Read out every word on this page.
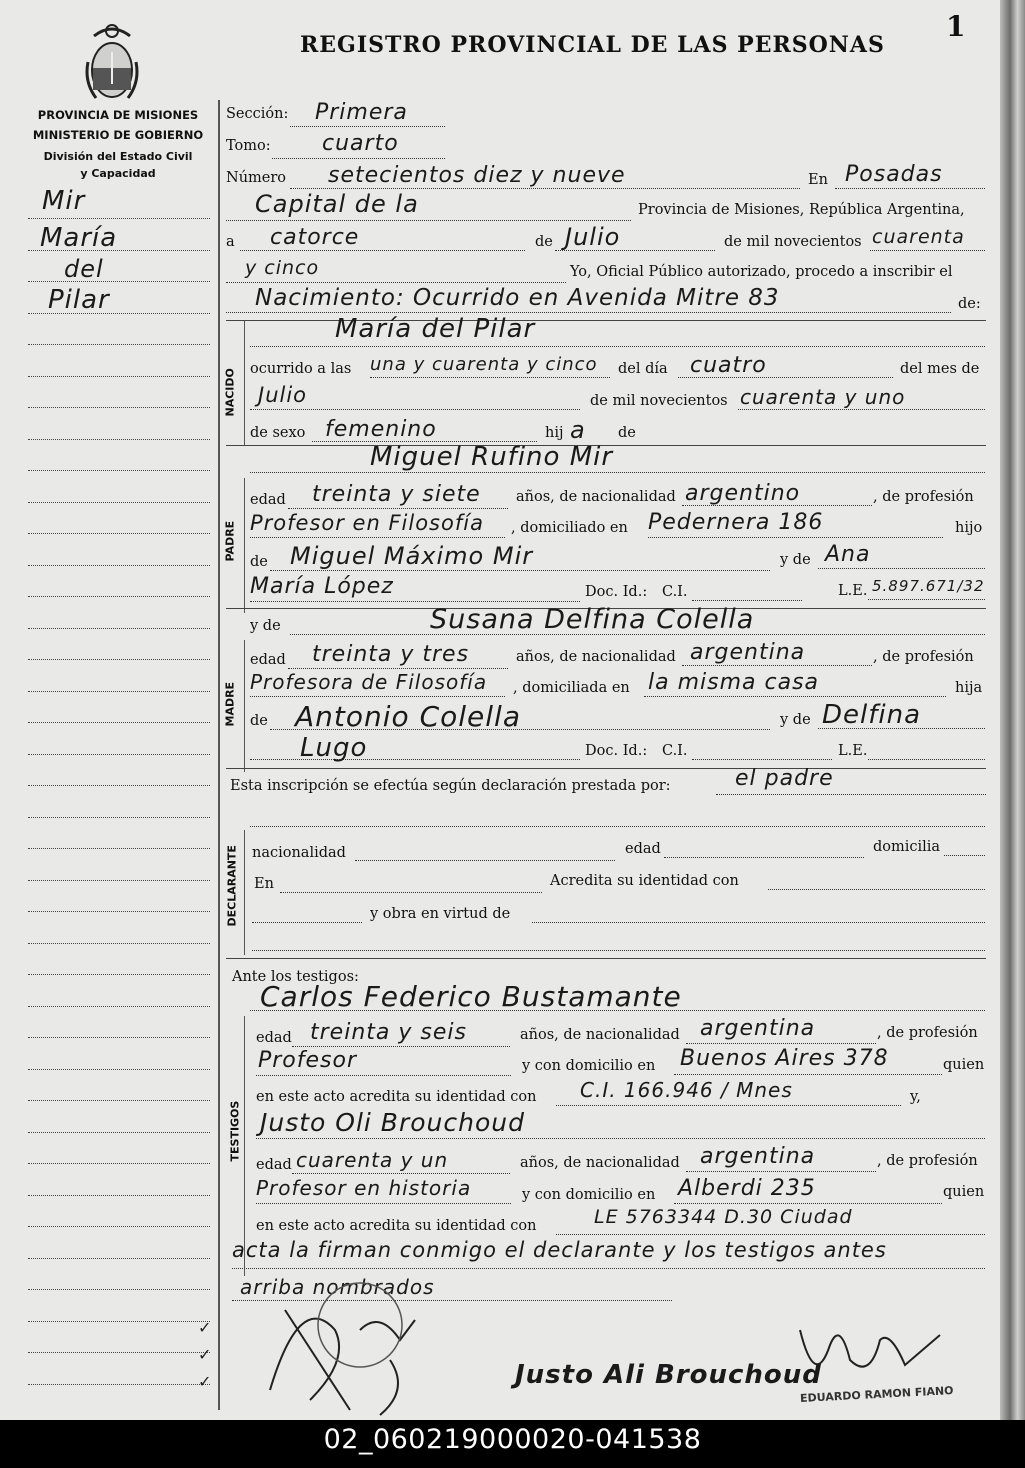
REGISTRO PROVINCIAL DE LAS PERSONAS
1
PROVINCIA DE MISIONES
MINISTERIO DE GOBIERNO
División del Estado Civil
y Capacidad
Mir
María
del
Pilar
Sección: Primera
Tomo: cuarto
Número setecientos diez y nueve	En Posadas
Capital de la	Provincia de Misiones, República Argentina,
a catorce	de Julio	de mil novecientos cuarenta
y cinco	Yo, Oficial Público autorizado, procedo a inscribir el
Nacimiento: Ocurrido en Avenida Mitre 83	de:
NACIDO
María del Pilar
ocurrido a las una y cuarenta y cinco del día cuatro	del mes de
Julio	de mil novecientos cuarenta y uno
de sexo femenino	hij a de
Miguel Rufino Mir
PADRE
edad treinta y siete años, de nacionalidad argentino	, de profesión
Profesor en Filosofía , domiciliado en Pedernera 186	hijo
de Miguel Máximo Mir	y de Ana
María López	Doc. Id.: C.I.	L.E. 5.897.671/32
y de	Susana Delfina Colella
MADRE
edad treinta y tres	años, de nacionalidad argentina	, de profesión
Profesora de Filosofía , domiciliada en la misma casa	hija
de Antonio Colella	y de Delfina
Lugo	Doc. Id.: C.I.	L.E.
Esta inscripción se efectúa según declaración prestada por:	el padre
DECLARANTE nacionalidad	edad	domicilia
En	Acredita su identidad con
y obra en virtud de
Ante los testigos:
Carlos Federico Bustamante
TESTIGOS
edad treinta y seis	años, de nacionalidad argentina	, de profesión
Profesor	y con domicilio en Buenos Aires 378	quien
en este acto acredita su identidad con C.I. 166.946 / Mnes	y,
Justo Oli Brouchoud
edad cuarenta y un	años, de nacionalidad argentina	, de profesión
Profesor en historia	y con domicilio en Alberdi 235	quien
en este acto acredita su identidad con	LE 5763344 D.30 Ciudad
acta la firman conmigo el declarante y los testigos antes
arriba nombrados
Justo Ali Brouchoud
EDUARDO RAMON FIANO
✓
✓
✓
02_060219000020-041538
